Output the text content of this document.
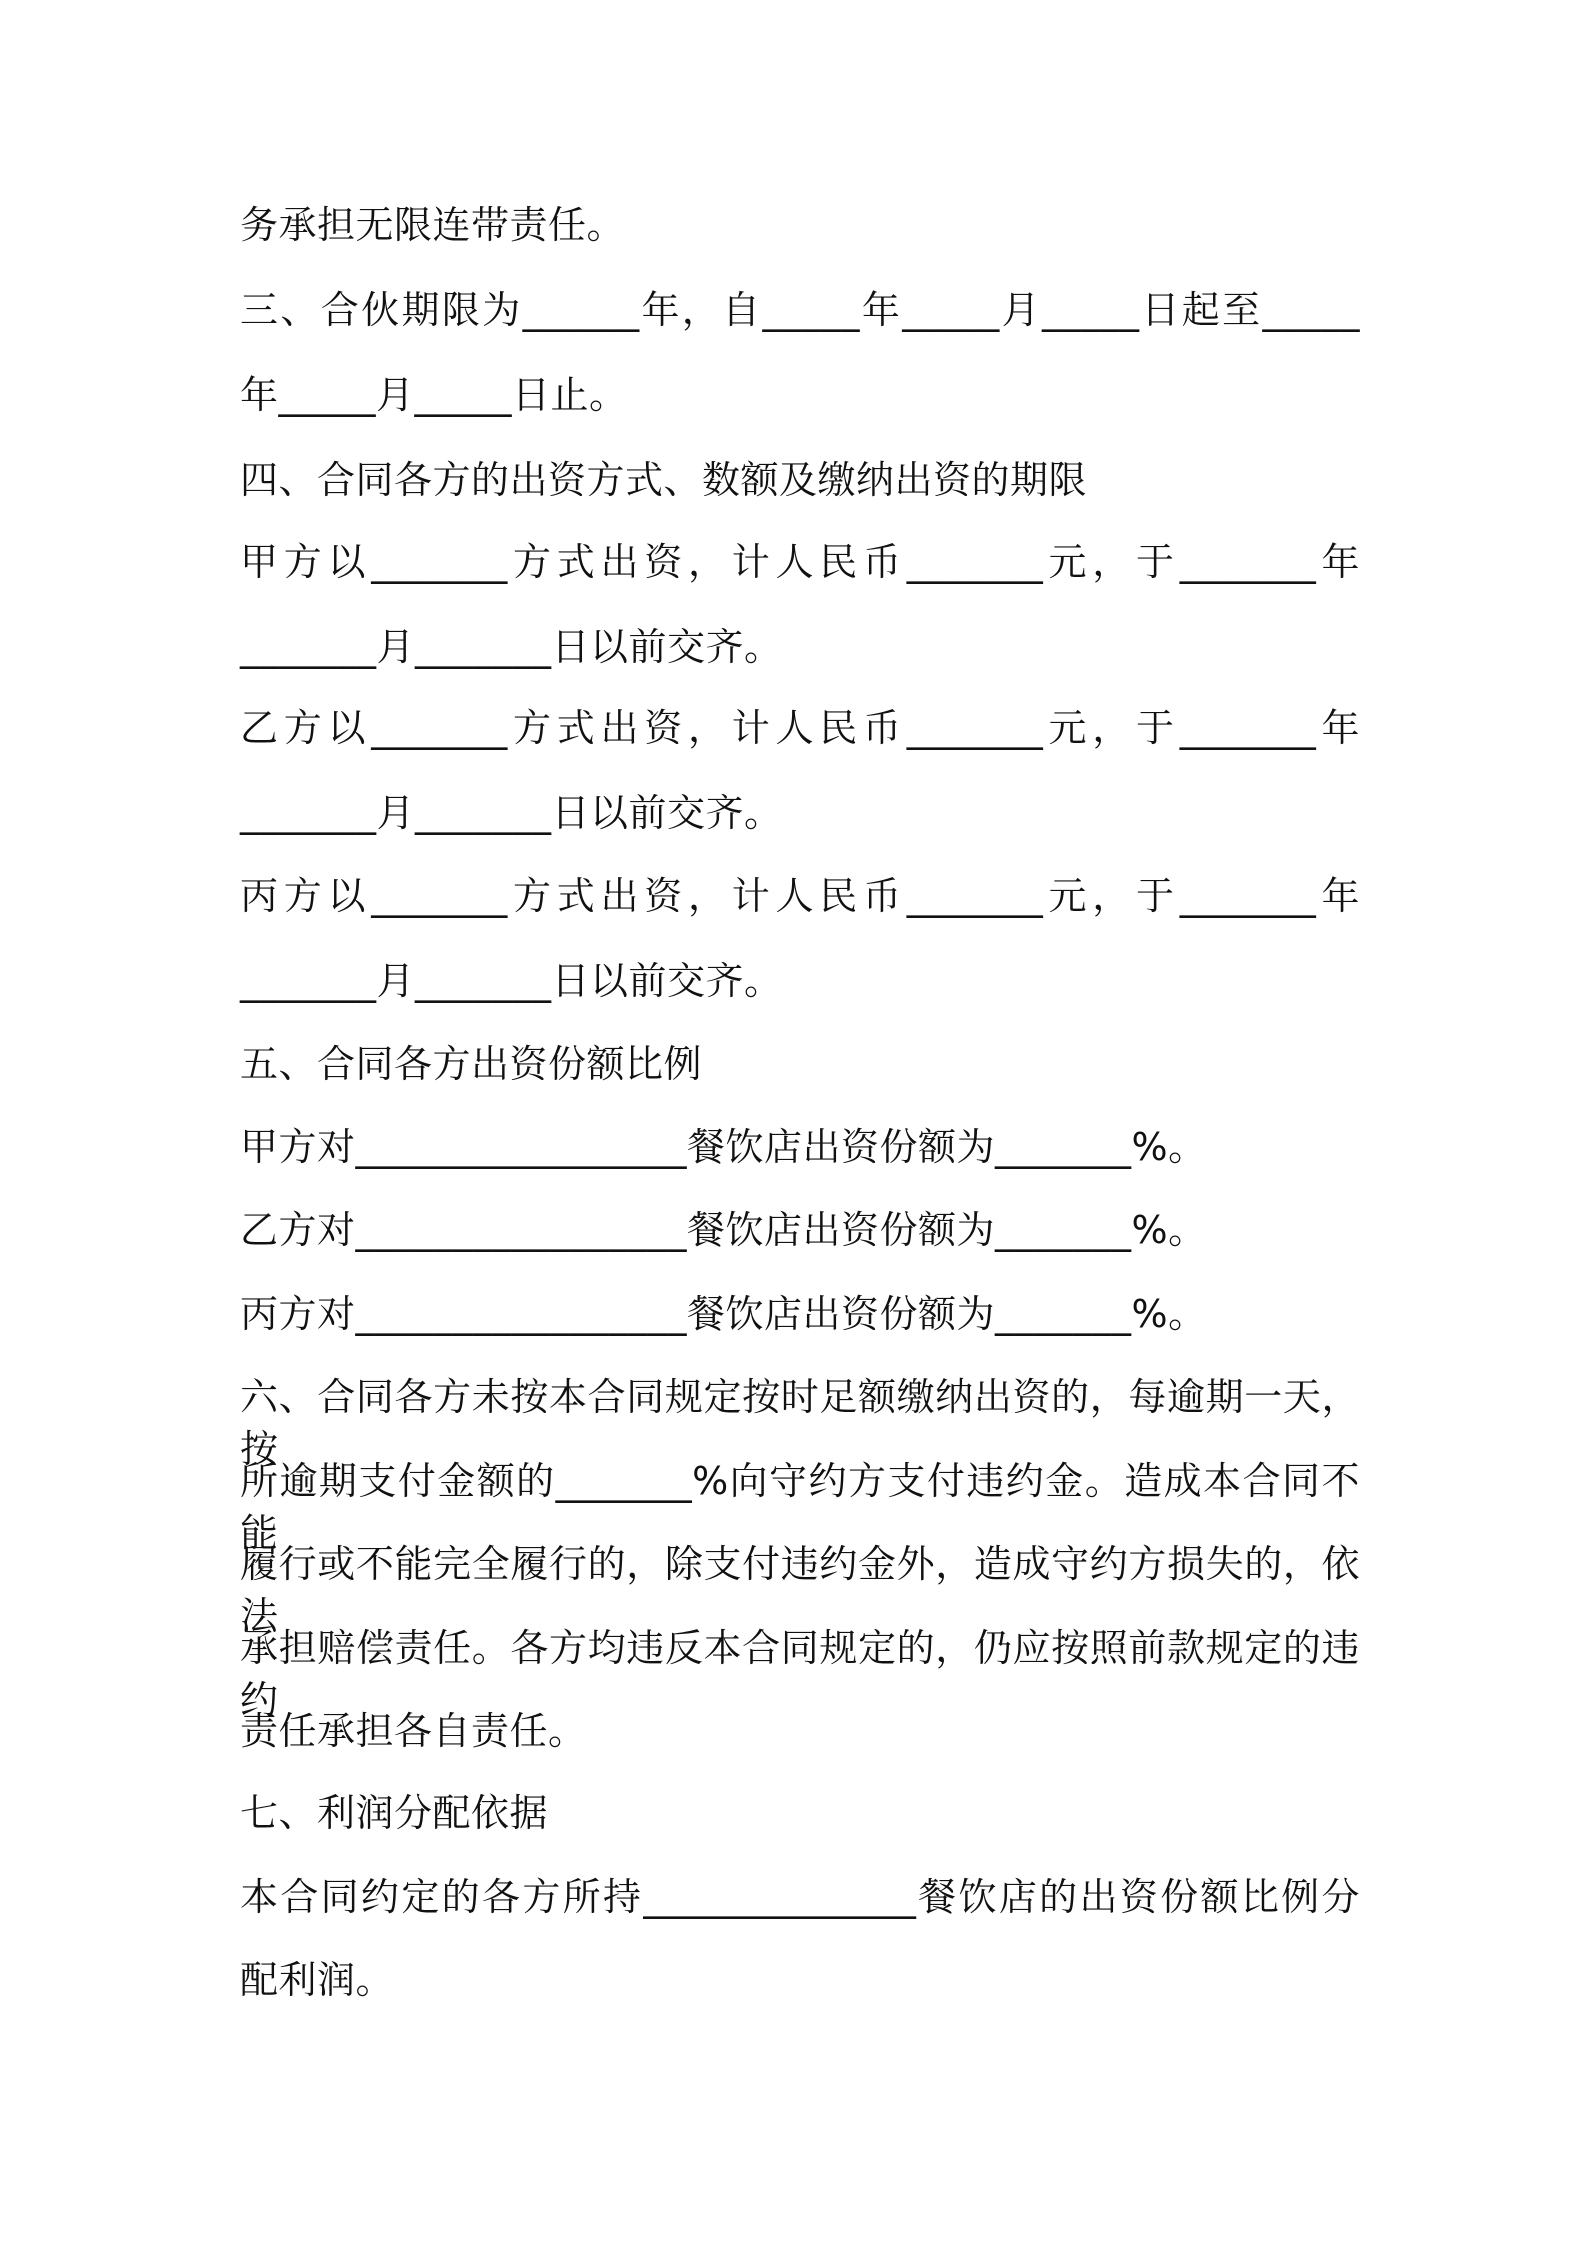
务承担无限连带责任。
三、合伙期限为______年，自_____年_____月_____日起至_____
年_____月_____日止。
四、合同各方的出资方式、数额及缴纳出资的期限
甲方以_______方式出资，计人民币_______元，于_______年
_______月_______日以前交齐。
乙方以_______方式出资，计人民币_______元，于_______年
_______月_______日以前交齐。
丙方以_______方式出资，计人民币_______元，于_______年
_______月_______日以前交齐。
五、合同各方出资份额比例
甲方对_________________餐饮店出资份额为_______%。
乙方对_________________餐饮店出资份额为_______%。
丙方对_________________餐饮店出资份额为_______%。
六、合同各方未按本合同规定按时足额缴纳出资的，每逾期一天，按
所逾期支付金额的_______%向守约方支付违约金。造成本合同不能
履行或不能完全履行的，除支付违约金外，造成守约方损失的，依法
承担赔偿责任。各方均违反本合同规定的，仍应按照前款规定的违约
责任承担各自责任。
七、利润分配依据
本合同约定的各方所持______________餐饮店的出资份额比例分
配利润。
